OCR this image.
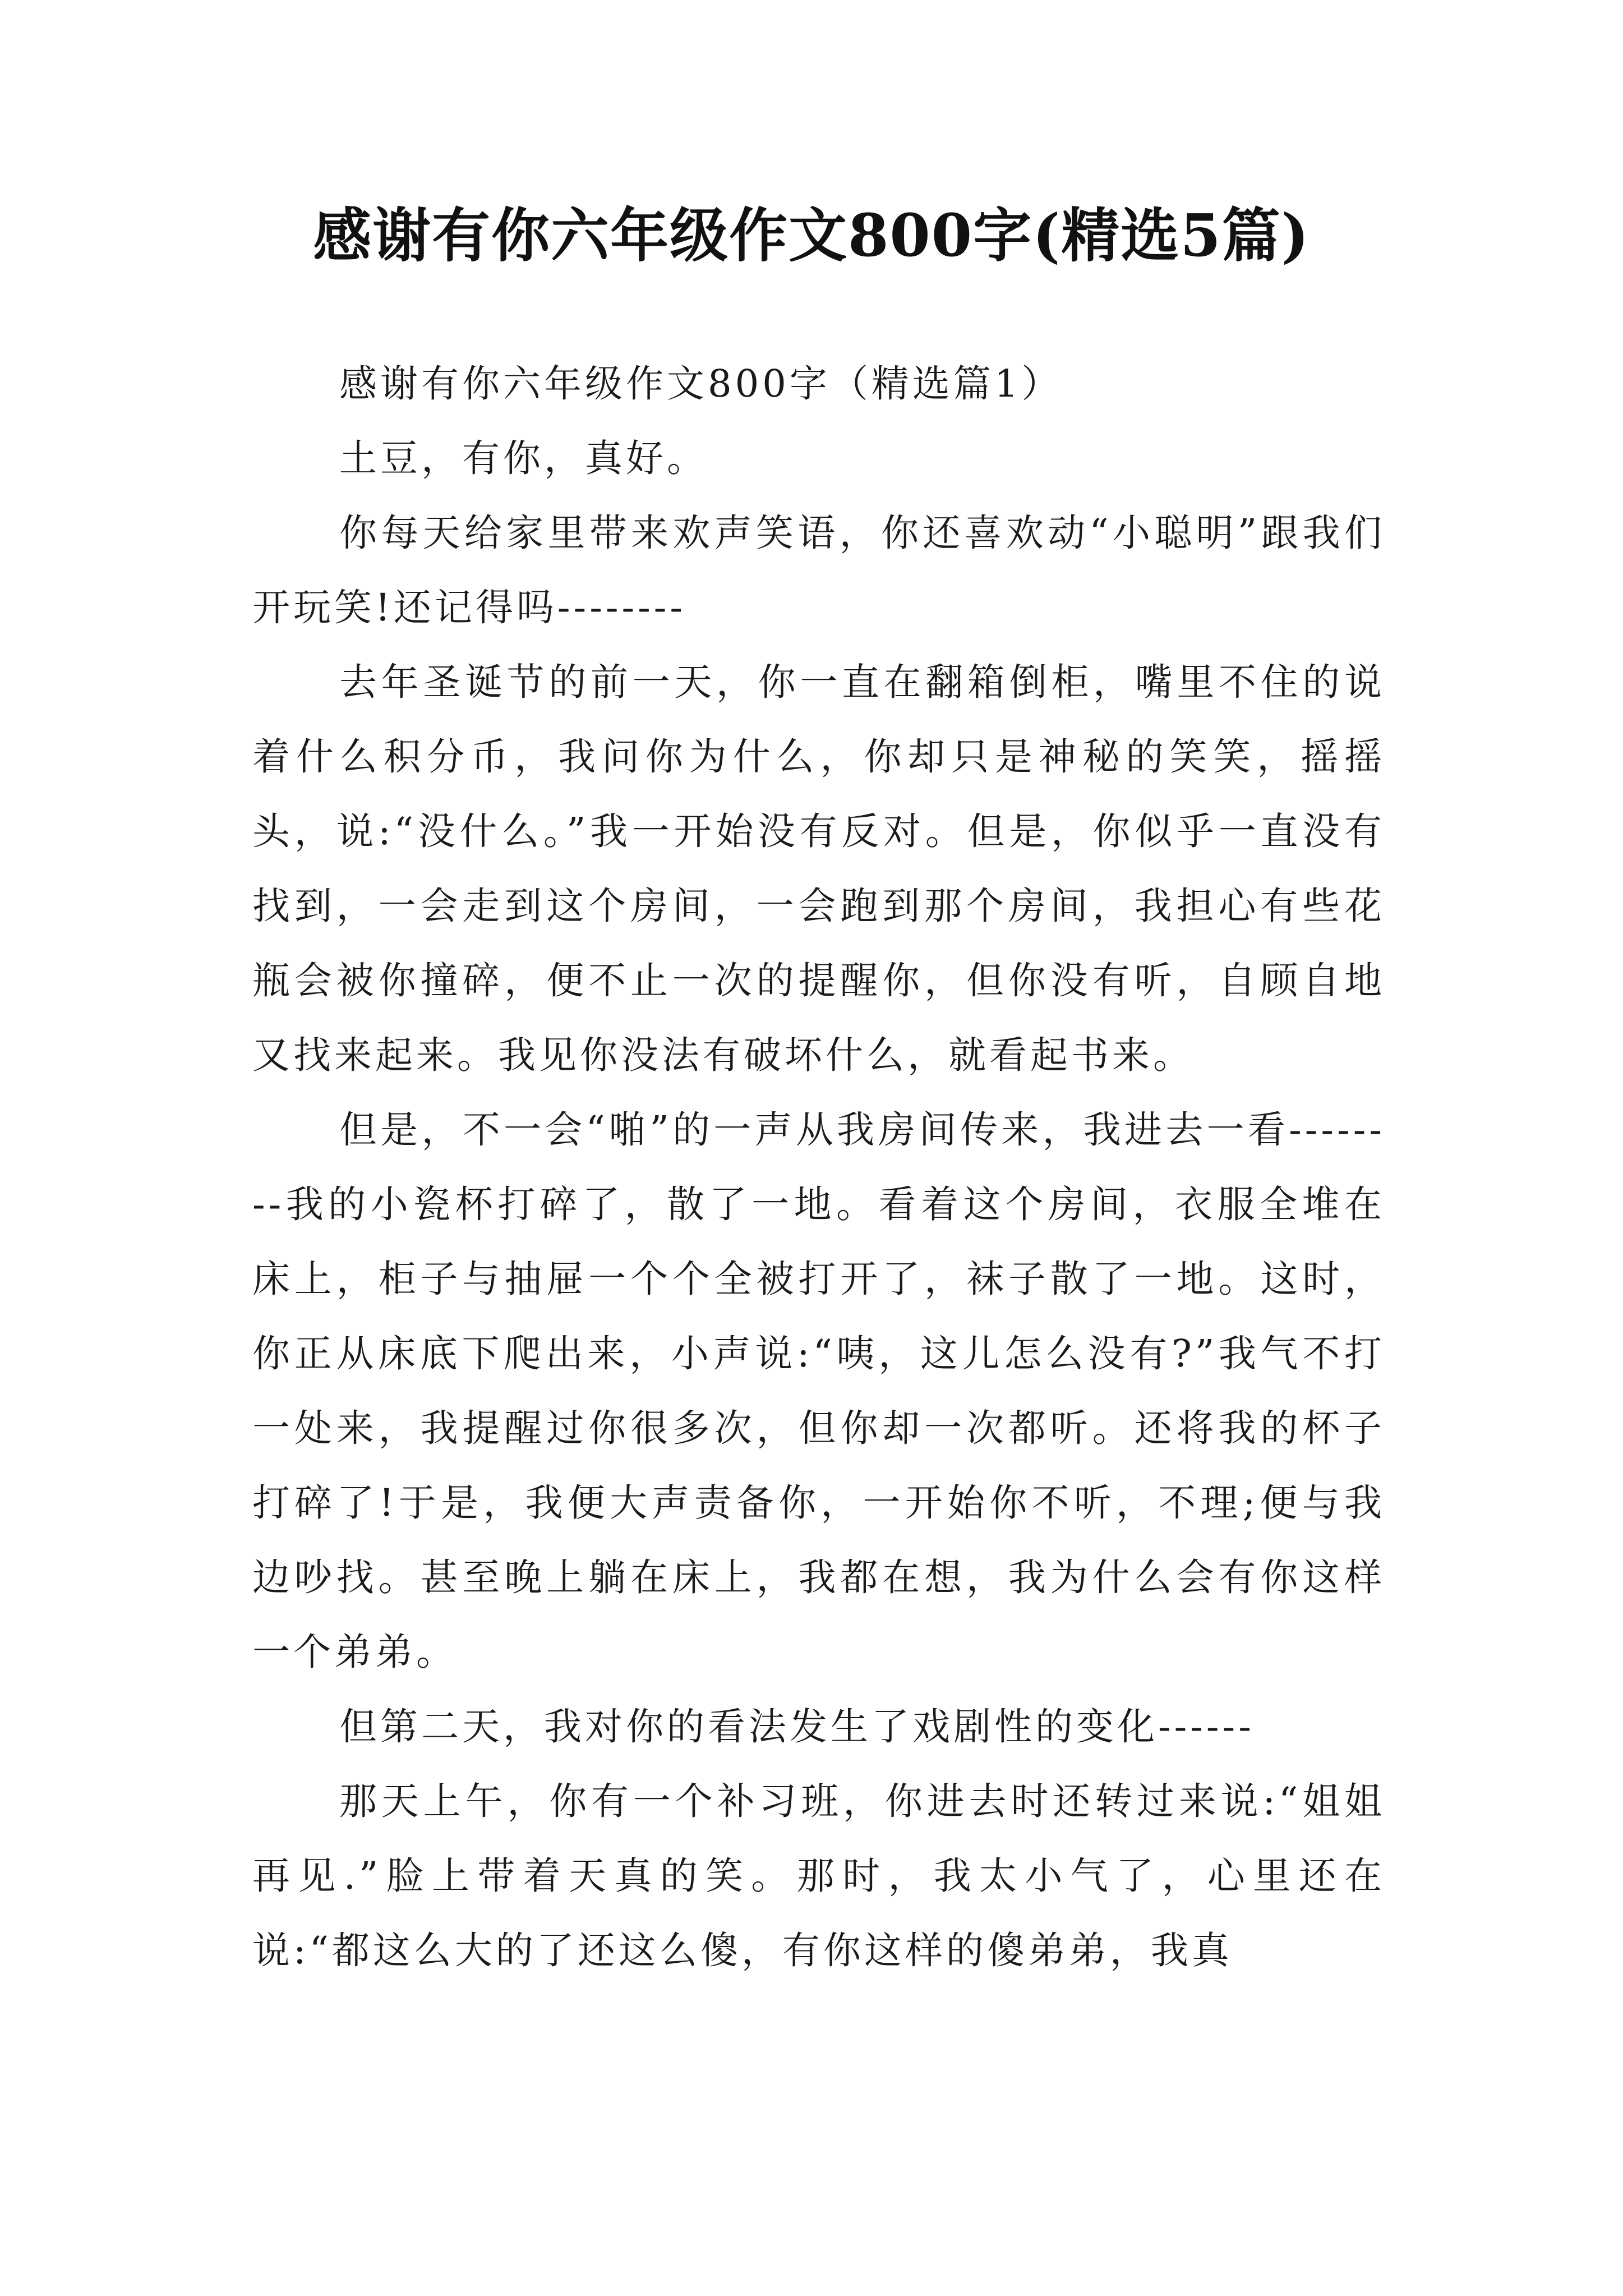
感谢有你六年级作文800字(精选5篇)

感谢有你六年级作文800字（精选篇1）

土豆，有你，真好。

你每天给家里带来欢声笑语，你还喜欢动“小聪明”跟我们开玩笑!还记得吗--------

去年圣诞节的前一天，你一直在翻箱倒柜，嘴里不住的说着什么积分币，我问你为什么，你却只是神秘的笑笑，摇摇头，说:“没什么。”我一开始没有反对。但是，你似乎一直没有找到，一会走到这个房间，一会跑到那个房间，我担心有些花瓶会被你撞碎，便不止一次的提醒你，但你没有听，自顾自地又找来起来。我见你没法有破坏什么，就看起书来。

但是，不一会“啪”的一声从我房间传来，我进去一看--------我的小瓷杯打碎了，散了一地。看着这个房间，衣服全堆在床上，柜子与抽屉一个个全被打开了，袜子散了一地。这时，你正从床底下爬出来，小声说:“咦，这儿怎么没有?”我气不打一处来，我提醒过你很多次，但你却一次都听。还将我的杯子打碎了!于是，我便大声责备你，一开始你不听，不理;便与我边吵找。甚至晚上躺在床上，我都在想，我为什么会有你这样一个弟弟。

但第二天，我对你的看法发生了戏剧性的变化------

那天上午，你有一个补习班，你进去时还转过来说:“姐姐再见.”脸上带着天真的笑。那时，我太小气了，心里还在说:“都这么大的了还这么傻，有你这样的傻弟弟，我真
